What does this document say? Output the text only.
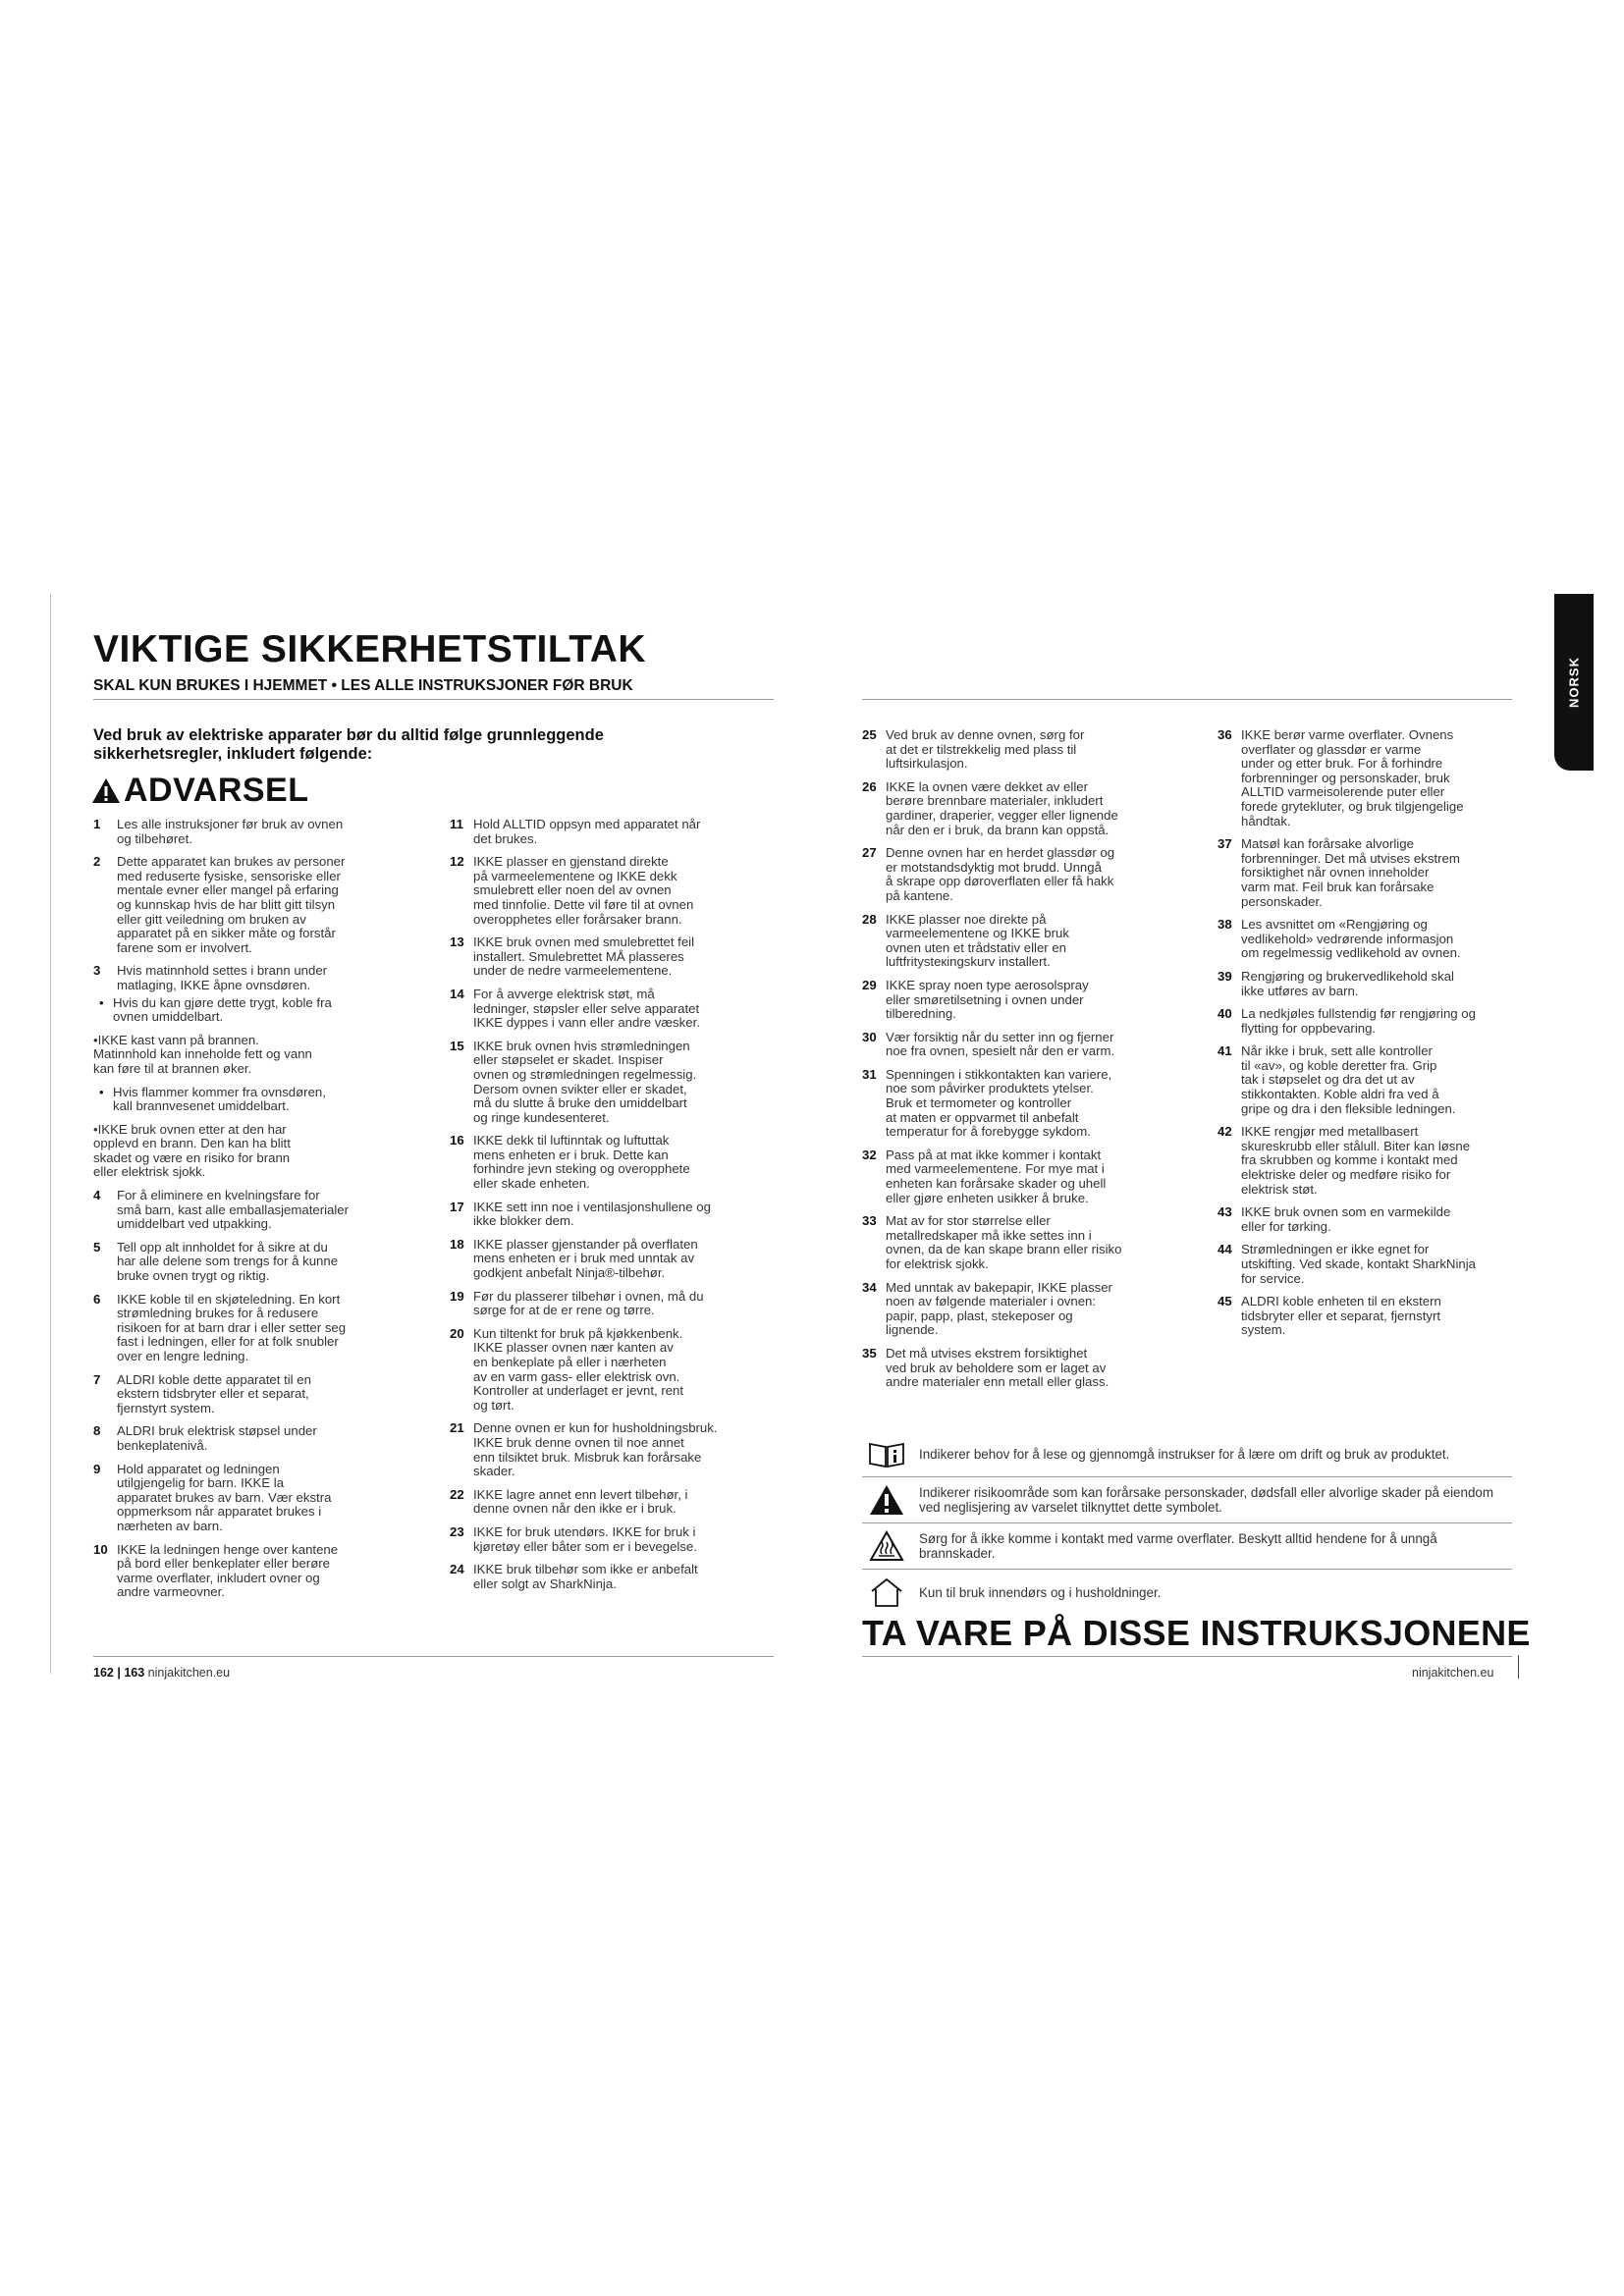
VIKTIGE SIKKERHETSTILTAK
SKAL KUN BRUKES I HJEMMET • LES ALLE INSTRUKSJONER FØR BRUK
Ved bruk av elektriske apparater bør du alltid følge grunnleggende sikkerhetsregler, inkludert følgende:
ADVARSEL
1	Les alle instruksjoner før bruk av ovnen
og tilbehøret.
2	Dette apparatet kan brukes av personer
med reduserte fysiske, sensoriske eller
mentale evner eller mangel på erfaring
og kunnskap hvis de har blitt gitt tilsyn
eller gitt veiledning om bruken av
apparatet på en sikker måte og forstår
farene som er involvert.
3	Hvis matinnhold settes i brann under
matlaging, IKKE åpne ovnsdøren.
• Hvis du kan gjøre dette trygt, koble fra
ovnen umiddelbart.
•IKKE kast vann på brannen.
Matinnhold kan inneholde fett og vann
kan føre til at brannen øker.
• Hvis flammer kommer fra ovnsdøren,
kall brannvesenet umiddelbart.
•IKKE bruk ovnen etter at den har
opplevd en brann. Den kan ha blitt
skadet og være en risiko for brann
eller elektrisk sjokk.
4	For å eliminere en kvelningsfare for
små barn, kast alle emballasjematerialer
umiddelbart ved utpakking.
5	Tell opp alt innholdet for å sikre at du
har alle delene som trengs for å kunne
bruke ovnen trygt og riktig.
6	IKKE koble til en skjøteledning. En kort
strømledning brukes for å redusere
risikoen for at barn drar i eller setter seg
fast i ledningen, eller for at folk snubler
over en lengre ledning.
7	ALDRI koble dette apparatet til en
ekstern tidsbryter eller et separat,
fjernstyrt system.
8	ALDRI bruk elektrisk støpsel under
benkeplatenivå.
9	Hold apparatet og ledningen
utilgjengelig for barn. IKKE la
apparatet brukes av barn. Vær ekstra
oppmerksom når apparatet brukes i
nærheten av barn.
10 IKKE la ledningen henge over kantene
på bord eller benkeplater eller berøre
varme overflater, inkludert ovner og
andre varmeovner.
11 Hold ALLTID oppsyn med apparatet når
det brukes.
12 IKKE plasser en gjenstand direkte
på varmeelementene og IKKE dekk
smulebrett eller noen del av ovnen
med tinnfolie. Dette vil føre til at ovnen
overopphetes eller forårsaker brann.
13 IKKE bruk ovnen med smulebrettet feil
installert. Smulebrettet MÅ plasseres
under de nedre varmeelementene.
14 For å avverge elektrisk støt, må
ledninger, støpsler eller selve apparatet
IKKE dyppes i vann eller andre væsker.
15 IKKE bruk ovnen hvis strømledningen
eller støpselet er skadet. Inspiser
ovnen og strømledningen regelmessig.
Dersom ovnen svikter eller er skadet,
må du slutte å bruke den umiddelbart
og ringe kundesenteret.
16 IKKE dekk til luftinntak og luftuttak
mens enheten er i bruk. Dette kan
forhindre jevn steking og overopphete
eller skade enheten.
17 IKKE sett inn noe i ventilasjonshullene og
ikke blokker dem.
18 IKKE plasser gjenstander på overflaten
mens enheten er i bruk med unntak av
godkjent anbefalt Ninja®-tilbehør.
19 Før du plasserer tilbehør i ovnen, må du
sørge for at de er rene og tørre.
20 Kun tiltenkt for bruk på kjøkkenbenk.
IKKE plasser ovnen nær kanten av
en benkeplate på eller i nærheten
av en varm gass- eller elektrisk ovn.
Kontroller at underlaget er jevnt, rent
og tørt.
21 Denne ovnen er kun for husholdningsbruk.
IKKE bruk denne ovnen til noe annet
enn tilsiktet bruk. Misbruk kan forårsake
skader.
22 IKKE lagre annet enn levert tilbehør, i
denne ovnen når den ikke er i bruk.
23 IKKE for bruk utendørs. IKKE for bruk i
kjøretøy eller båter som er i bevegelse.
24 IKKE bruk tilbehør som ikke er anbefalt
eller solgt av SharkNinja.
25 Ved bruk av denne ovnen, sørg for
at det er tilstrekkelig med plass til
luftsirkulasjon.
26 IKKE la ovnen være dekket av eller
berøre brennbare materialer, inkludert
gardiner, draperier, vegger eller lignende
når den er i bruk, da brann kan oppstå.
27 Denne ovnen har en herdet glassdør og
er motstandsdyktig mot brudd. Unngå
å skrape opp døroverflaten eller få hakk
på kantene.
28 IKKE plasser noe direkte på
varmeelementene og IKKE bruk
ovnen uten et trådstativ eller en
luftfritysteкingskurv installert.
29 IKKE spray noen type aerosolspray
eller smøretilsetning i ovnen under
tilberedning.
30 Vær forsiktig når du setter inn og fjerner
noe fra ovnen, spesielt når den er varm.
31 Spenningen i stikkontakten kan variere,
noe som påvirker produktets ytelser.
Bruk et termometer og kontroller
at maten er oppvarmet til anbefalt
temperatur for å forebygge sykdom.
32 Pass på at mat ikke kommer i kontakt
med varmeelementene. For mye mat i
enheten kan forårsake skader og uhell
eller gjøre enheten usikker å bruke.
33 Mat av for stor størrelse eller
metallredskaper må ikke settes inn i
ovnen, da de kan skape brann eller risiko
for elektrisk sjokk.
34 Med unntak av bakepapir, IKKE plasser
noen av følgende materialer i ovnen:
papir, papp, plast, stekeposer og
lignende.
35 Det må utvises ekstrem forsiktighet
ved bruk av beholdere som er laget av
andre materialer enn metall eller glass.
36 IKKE berør varme overflater. Ovnens
overflater og glassdør er varme
under og etter bruk. For å forhindre
forbrenninger og personskader, bruk
ALLTID varmeisolerende puter eller
forede grytekluter, og bruk tilgjengelige
håndtak.
37 Matsøl kan forårsake alvorlige
forbrenninger. Det må utvises ekstrem
forsiktighet når ovnen inneholder
varm mat. Feil bruk kan forårsake
personskader.
38 Les avsnittet om «Rengjøring og
vedlikehold» vedrørende informasjon
om regelmessig vedlikehold av ovnen.
39 Rengjøring og brukervedlikehold skal
ikke utføres av barn.
40 La nedkjøles fullstendig før rengjøring og
flytting for oppbevaring.
41 Når ikke i bruk, sett alle kontroller
til «av», og koble deretter fra. Grip
tak i støpselet og dra det ut av
stikkontakten. Koble aldri fra ved å
gripe og dra i den fleksible ledningen.
42 IKKE rengjør med metallbasert
skureskrubb eller stålull. Biter kan løsne
fra skrubben og komme i kontakt med
elektriske deler og medføre risiko for
elektrisk støt.
43 IKKE bruk ovnen som en varmekilde
eller for tørking.
44 Strømledningen er ikke egnet for
utskifting. Ved skade, kontakt SharkNinja
for service.
45 ALDRI koble enheten til en ekstern
tidsbryter eller et separat, fjernstyrt
system.
Indikerer behov for å lese og gjennomgå instrukser for å lære om drift og bruk av produktet.
Indikerer risikoområde som kan forårsake personskader, dødsfall eller alvorlige skader på eiendom ved neglisjering av varselet tilknyttet dette symbolet.
Sørg for å ikke komme i kontakt med varme overflater. Beskytt alltid hendene for å unngå brannskader.
Kun til bruk innendørs og i husholdninger.
TA VARE PÅ DISSE INSTRUKSJONENE
162 | 163 ninjakitchen.eu	ninjakitchen.eu
NORSK
